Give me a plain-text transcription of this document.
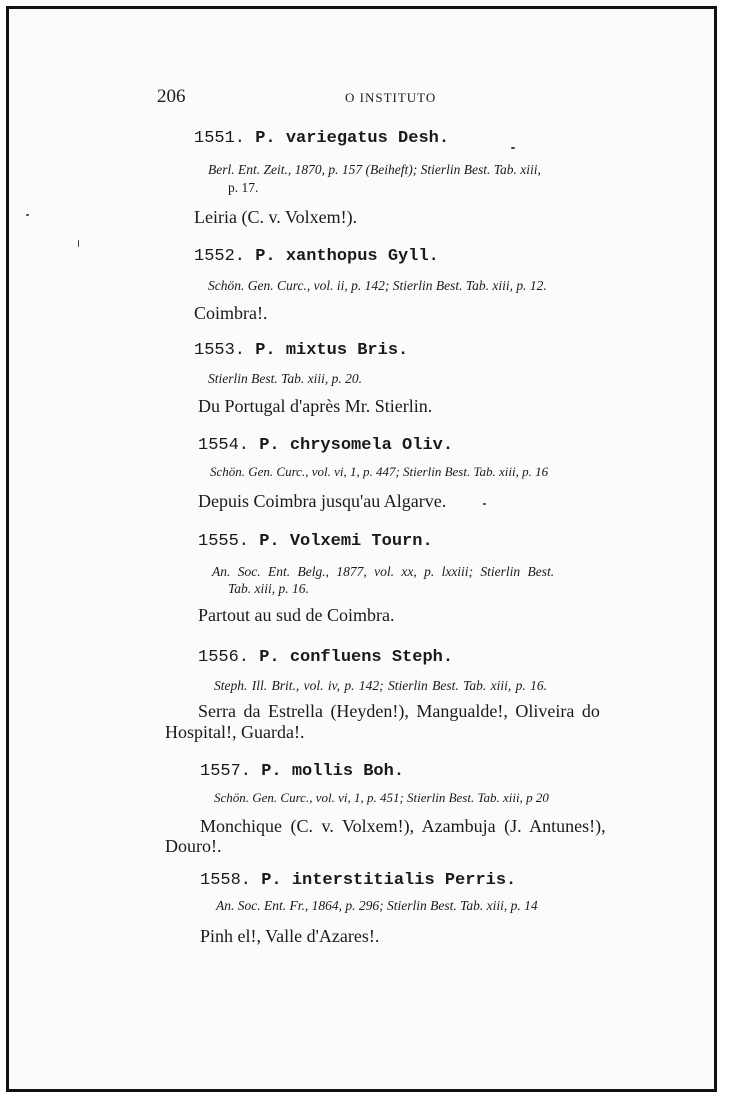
206	O INSTITUTO
1551. P. variegatus Desh.
Berl. Ent. Zeit., 1870, p. 157 (Beiheft); Stierlin Best. Tab. xiii,
p. 17.
Leiria (C. v. Volxem!).
1552. P. xanthopus Gyll.
Schön. Gen. Curc., vol. ii, p. 142; Stierlin Best. Tab. xiii, p. 12.
Coimbra!.
1553. P. mixtus Bris.
Stierlin Best. Tab. xiii, p. 20.
Du Portugal d'après Mr. Stierlin.
1554. P. chrysomela Oliv.
Schön. Gen. Curc., vol. vi, 1, p. 447; Stierlin Best. Tab. xiii, p. 16
Depuis Coimbra jusqu'au Algarve.
1555. P. Volxemi Tourn.
An. Soc. Ent. Belg., 1877, vol. xx, p. lxxiii; Stierlin Best.
Tab. xiii, p. 16.
Partout au sud de Coimbra.
1556. P. confluens Steph.
Steph. Ill. Brit., vol. iv, p. 142; Stierlin Best. Tab. xiii, p. 16.
Serra da Estrella (Heyden!), Mangualde!, Oliveira do
Hospital!, Guarda!.
1557. P. mollis Boh.
Schön. Gen. Curc., vol. vi, 1, p. 451; Stierlin Best. Tab. xiii, p 20
Monchique (C. v. Volxem!), Azambuja (J. Antunes!),
Douro!.
1558. P. interstitialis Perris.
An. Soc. Ent. Fr., 1864, p. 296; Stierlin Best. Tab. xiii, p. 14
Pinh el!, Valle d'Azares!.
